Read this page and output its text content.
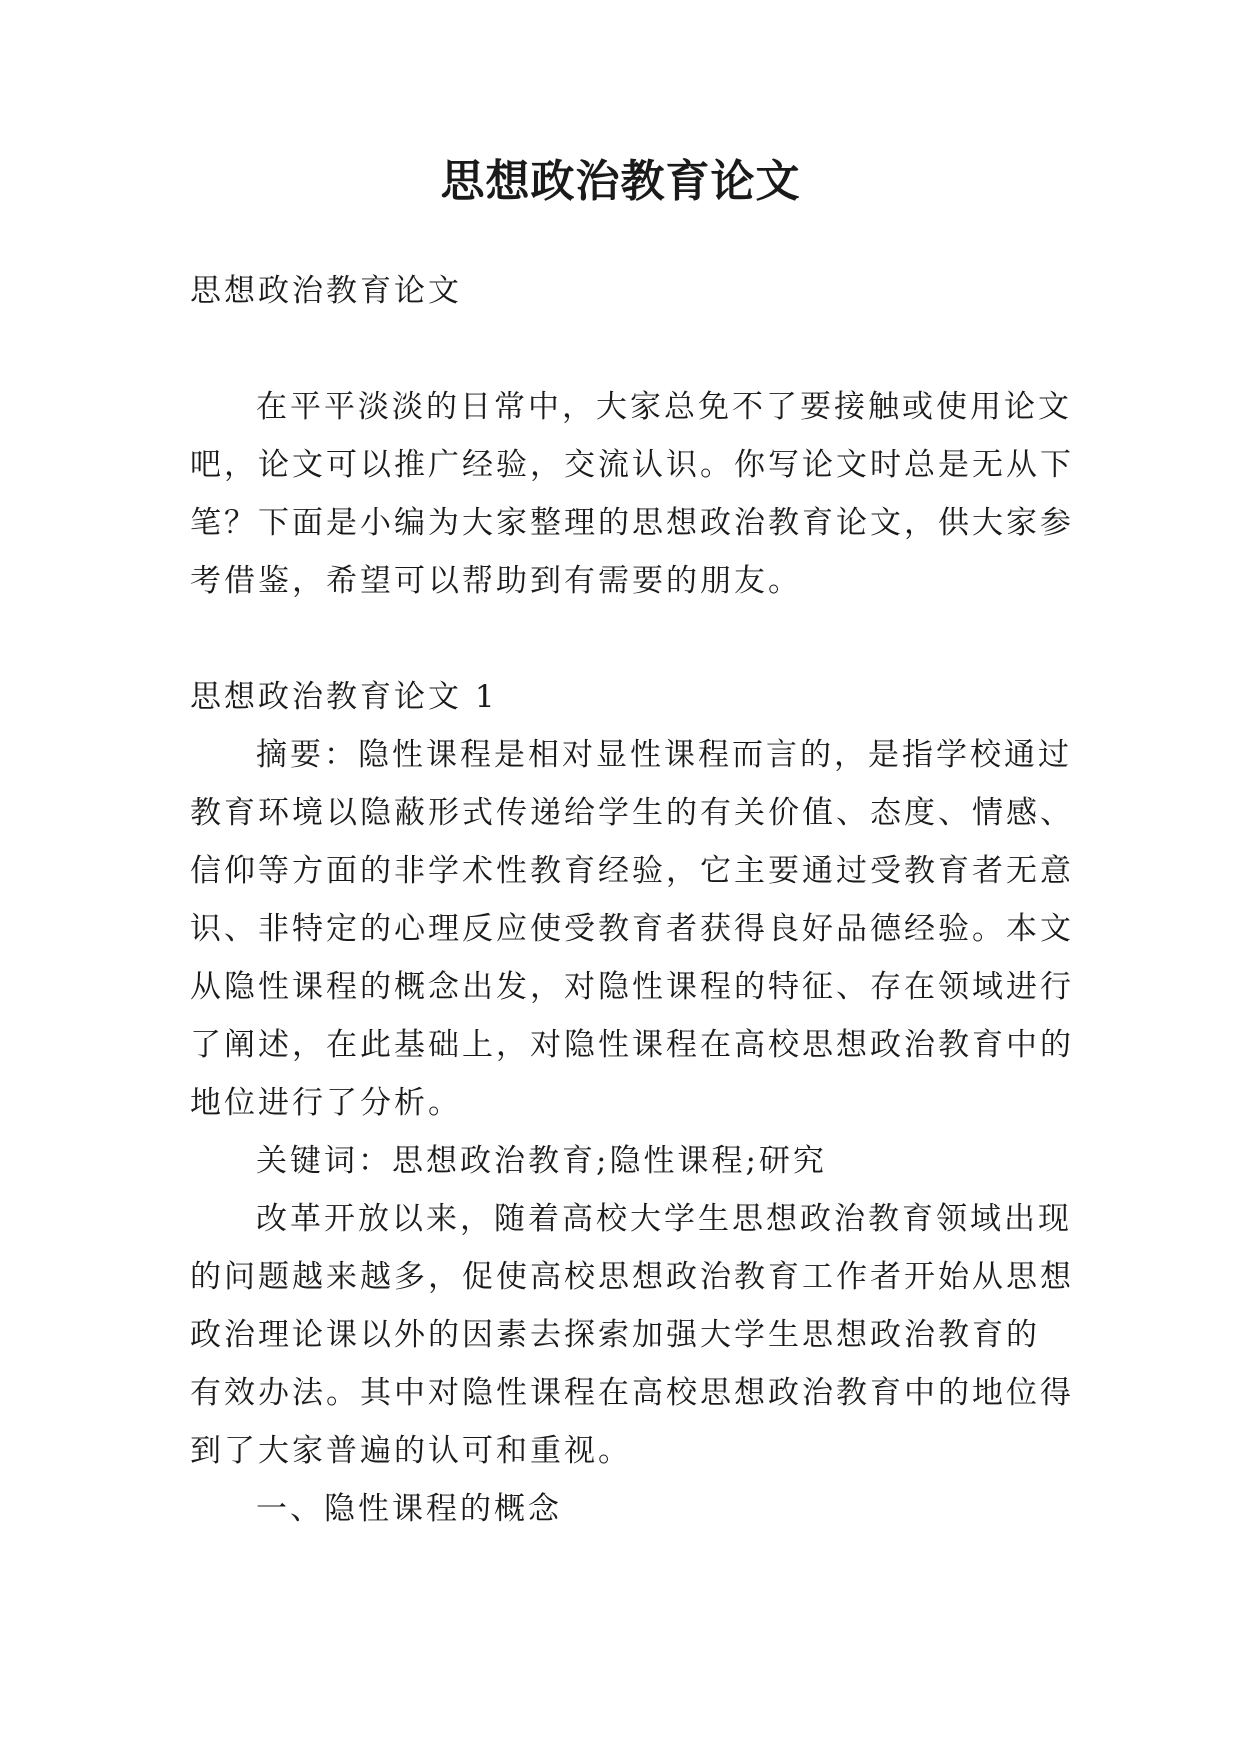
思想政治教育论文
思想政治教育论文
在平平淡淡的日常中，大家总免不了要接触或使用论文
吧，论文可以推广经验，交流认识。你写论文时总是无从下
笔？下面是小编为大家整理的思想政治教育论文，供大家参
考借鉴，希望可以帮助到有需要的朋友。
思想政治教育论文 1
摘要：隐性课程是相对显性课程而言的，是指学校通过
教育环境以隐蔽形式传递给学生的有关价值、态度、情感、
信仰等方面的非学术性教育经验，它主要通过受教育者无意
识、非特定的心理反应使受教育者获得良好品德经验。本文
从隐性课程的概念出发，对隐性课程的特征、存在领域进行
了阐述，在此基础上，对隐性课程在高校思想政治教育中的
地位进行了分析。
关键词：思想政治教育;隐性课程;研究
改革开放以来，随着高校大学生思想政治教育领域出现
的问题越来越多，促使高校思想政治教育工作者开始从思想
政治理论课以外的因素去探索加强大学生思想政治教育的
有效办法。其中对隐性课程在高校思想政治教育中的地位得
到了大家普遍的认可和重视。
一、隐性课程的概念
